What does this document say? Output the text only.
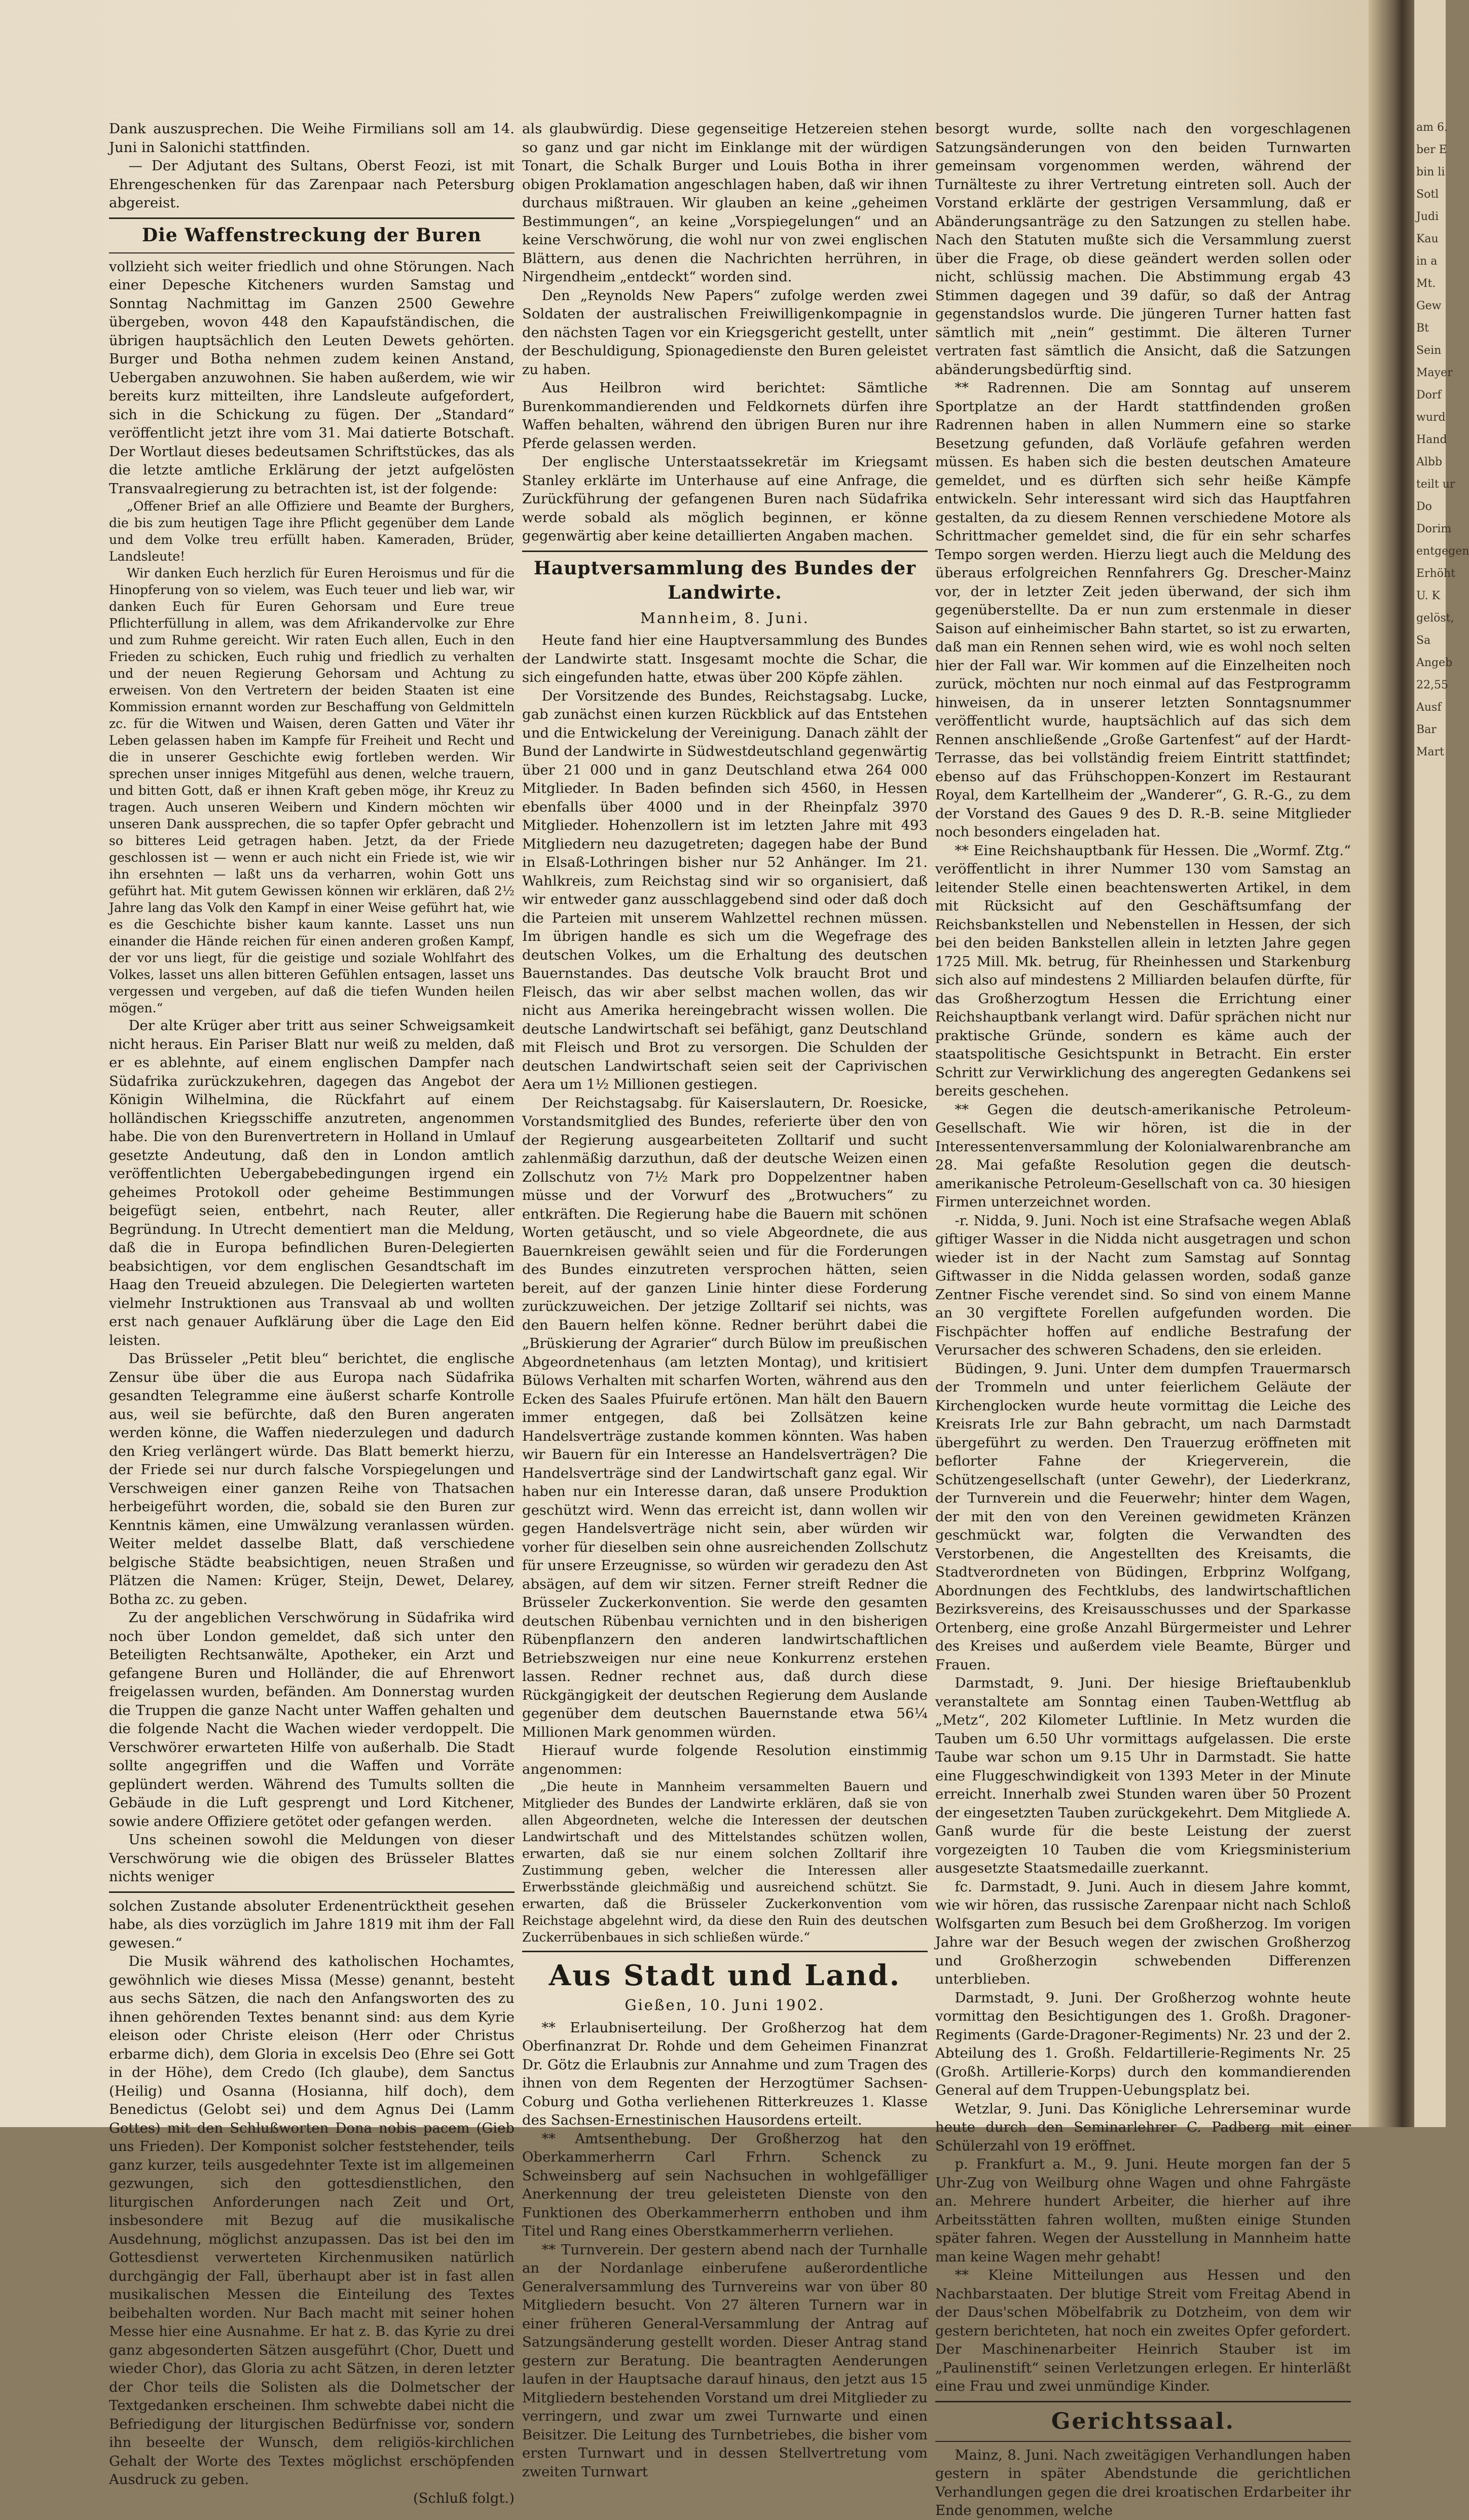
Dank auszusprechen. Die Weihe Firmilians soll am 14. Juni in Salonichi stattfinden.

— Der Adjutant des Sultans, Oberst Feozi, ist mit Ehrengeschenken für das Zarenpaar nach Petersburg abgereist.

Die Waffenstreckung der Buren

vollzieht sich weiter friedlich und ohne Störungen. Nach einer Depesche Kitcheners wurden Samstag und Sonntag Nachmittag im Ganzen 2500 Gewehre übergeben, wovon 448 den Kapaufständischen, die übrigen hauptsächlich den Leuten Dewets gehörten. Burger und Botha nehmen zudem keinen Anstand, Uebergaben anzuwohnen. Sie haben außerdem, wie wir bereits kurz mitteilten, ihre Landsleute aufgefordert, sich in die Schickung zu fügen. Der „Standard“ veröffentlicht jetzt ihre vom 31. Mai datierte Botschaft. Der Wortlaut dieses bedeutsamen Schriftstückes, das als die letzte amtliche Erklärung der jetzt aufgelösten Transvaalregierung zu betrachten ist, ist der folgende:

„Offener Brief an alle Offiziere und Beamte der Burghers, die bis zum heutigen Tage ihre Pflicht gegenüber dem Lande und dem Volke treu erfüllt haben. Kameraden, Brüder, Landsleute!

Wir danken Euch herzlich für Euren Heroismus und für die Hinopferung von so vielem, was Euch teuer und lieb war, wir danken Euch für Euren Gehorsam und Eure treue Pflichterfüllung in allem, was dem Afrikandervolke zur Ehre und zum Ruhme gereicht. Wir raten Euch allen, Euch in den Frieden zu schicken, Euch ruhig und friedlich zu verhalten und der neuen Regierung Gehorsam und Achtung zu erweisen. Von den Vertretern der beiden Staaten ist eine Kommission ernannt worden zur Beschaffung von Geldmitteln zc. für die Witwen und Waisen, deren Gatten und Väter ihr Leben gelassen haben im Kampfe für Freiheit und Recht und die in unserer Geschichte ewig fortleben werden. Wir sprechen unser inniges Mitgefühl aus denen, welche trauern, und bitten Gott, daß er ihnen Kraft geben möge, ihr Kreuz zu tragen. Auch unseren Weibern und Kindern möchten wir unseren Dank aussprechen, die so tapfer Opfer gebracht und so bitteres Leid getragen haben. Jetzt, da der Friede geschlossen ist — wenn er auch nicht ein Friede ist, wie wir ihn ersehnten — laßt uns da verharren, wohin Gott uns geführt hat. Mit gutem Gewissen können wir erklären, daß 2½ Jahre lang das Volk den Kampf in einer Weise geführt hat, wie es die Geschichte bisher kaum kannte. Lasset uns nun einander die Hände reichen für einen anderen großen Kampf, der vor uns liegt, für die geistige und soziale Wohlfahrt des Volkes, lasset uns allen bitteren Gefühlen entsagen, lasset uns vergessen und vergeben, auf daß die tiefen Wunden heilen mögen.“

Der alte Krüger aber tritt aus seiner Schweigsamkeit nicht heraus. Ein Pariser Blatt nur weiß zu melden, daß er es ablehnte, auf einem englischen Dampfer nach Südafrika zurückzukehren, dagegen das Angebot der Königin Wilhelmina, die Rückfahrt auf einem holländischen Kriegsschiffe anzutreten, angenommen habe. Die von den Burenvertretern in Holland in Umlauf gesetzte Andeutung, daß den in London amtlich veröffentlichten Uebergabebedingungen irgend ein geheimes Protokoll oder geheime Bestimmungen beigefügt seien, entbehrt, nach Reuter, aller Begründung. In Utrecht dementiert man die Meldung, daß die in Europa befindlichen Buren-Delegierten beabsichtigen, vor dem englischen Gesandtschaft im Haag den Treueid abzulegen. Die Delegierten warteten vielmehr Instruktionen aus Transvaal ab und wollten erst nach genauer Aufklärung über die Lage den Eid leisten.

Das Brüsseler „Petit bleu“ berichtet, die englische Zensur übe über die aus Europa nach Südafrika gesandten Telegramme eine äußerst scharfe Kontrolle aus, weil sie befürchte, daß den Buren angeraten werden könne, die Waffen niederzulegen und dadurch den Krieg verlängert würde. Das Blatt bemerkt hierzu, der Friede sei nur durch falsche Vorspiegelungen und Verschweigen einer ganzen Reihe von Thatsachen herbeigeführt worden, die, sobald sie den Buren zur Kenntnis kämen, eine Umwälzung veranlassen würden. Weiter meldet dasselbe Blatt, daß verschiedene belgische Städte beabsichtigen, neuen Straßen und Plätzen die Namen: Krüger, Steijn, Dewet, Delarey, Botha zc. zu geben.

Zu der angeblichen Verschwörung in Südafrika wird noch über London gemeldet, daß sich unter den Beteiligten Rechtsanwälte, Apotheker, ein Arzt und gefangene Buren und Holländer, die auf Ehrenwort freigelassen wurden, befänden. Am Donnerstag wurden die Truppen die ganze Nacht unter Waffen gehalten und die folgende Nacht die Wachen wieder verdoppelt. Die Verschwörer erwarteten Hilfe von außerhalb. Die Stadt sollte angegriffen und die Waffen und Vorräte geplündert werden. Während des Tumults sollten die Gebäude in die Luft gesprengt und Lord Kitchener, sowie andere Offiziere getötet oder gefangen werden.

Uns scheinen sowohl die Meldungen von dieser Verschwörung wie die obigen des Brüsseler Blattes nichts weniger

solchen Zustande absoluter Erdenentrücktheit gesehen habe, als dies vorzüglich im Jahre 1819 mit ihm der Fall gewesen.“

Die Musik während des katholischen Hochamtes, gewöhnlich wie dieses Missa (Messe) genannt, besteht aus sechs Sätzen, die nach den Anfangsworten des zu ihnen gehörenden Textes benannt sind: aus dem Kyrie eleison oder Christe eleison (Herr oder Christus erbarme dich), dem Gloria in excelsis Deo (Ehre sei Gott in der Höhe), dem Credo (Ich glaube), dem Sanctus (Heilig) und Osanna (Hosianna, hilf doch), dem Benedictus (Gelobt sei) und dem Agnus Dei (Lamm Gottes) mit den Schlußworten Dona nobis pacem (Gieb uns Frieden). Der Komponist solcher feststehender, teils ganz kurzer, teils ausgedehnter Texte ist im allgemeinen gezwungen, sich den gottesdienstlichen, den liturgischen Anforderungen nach Zeit und Ort, insbesondere mit Bezug auf die musikalische Ausdehnung, möglichst anzupassen. Das ist bei den im Gottesdienst verwerteten Kirchenmusiken natürlich durchgängig der Fall, überhaupt aber ist in fast allen musikalischen Messen die Einteilung des Textes beibehalten worden. Nur Bach macht mit seiner hohen Messe hier eine Ausnahme. Er hat z. B. das Kyrie zu drei ganz abgesonderten Sätzen ausgeführt (Chor, Duett und wieder Chor), das Gloria zu acht Sätzen, in deren letzter der Chor teils die Solisten als die Dolmetscher der Textgedanken erscheinen. Ihm schwebte dabei nicht die Befriedigung der liturgischen Bedürfnisse vor, sondern ihn beseelte der Wunsch, dem religiös-kirchlichen Gehalt der Worte des Textes möglichst erschöpfenden Ausdruck zu geben.

(Schluß folgt.)

als glaubwürdig. Diese gegenseitige Hetzereien stehen so ganz und gar nicht im Einklange mit der würdigen Tonart, die Schalk Burger und Louis Botha in ihrer obigen Proklamation angeschlagen haben, daß wir ihnen durchaus mißtrauen. Wir glauben an keine „geheimen Bestimmungen“, an keine „Vorspiegelungen“ und an keine Verschwörung, die wohl nur von zwei englischen Blättern, aus denen die Nachrichten herrühren, in Nirgendheim „entdeckt“ worden sind.

Den „Reynolds New Papers“ zufolge werden zwei Soldaten der australischen Freiwilligenkompagnie in den nächsten Tagen vor ein Kriegsgericht gestellt, unter der Beschuldigung, Spionagedienste den Buren geleistet zu haben.

Aus Heilbron wird berichtet: Sämtliche Burenkommandierenden und Feldkornets dürfen ihre Waffen behalten, während den übrigen Buren nur ihre Pferde gelassen werden.

Der englische Unterstaatssekretär im Kriegsamt Stanley erklärte im Unterhause auf eine Anfrage, die Zurückführung der gefangenen Buren nach Südafrika werde sobald als möglich beginnen, er könne gegenwärtig aber keine detaillierten Angaben machen.

Hauptversammlung des Bundes der Landwirte.
Mannheim, 8. Juni.

Heute fand hier eine Hauptversammlung des Bundes der Landwirte statt. Insgesamt mochte die Schar, die sich eingefunden hatte, etwas über 200 Köpfe zählen.

Der Vorsitzende des Bundes, Reichstagsabg. Lucke, gab zunächst einen kurzen Rückblick auf das Entstehen und die Entwickelung der Vereinigung. Danach zählt der Bund der Landwirte in Südwestdeutschland gegenwärtig über 21 000 und in ganz Deutschland etwa 264 000 Mitglieder. In Baden befinden sich 4560, in Hessen ebenfalls über 4000 und in der Rheinpfalz 3970 Mitglieder. Hohenzollern ist im letzten Jahre mit 493 Mitgliedern neu dazugetreten; dagegen habe der Bund in Elsaß-Lothringen bisher nur 52 Anhänger. Im 21. Wahlkreis, zum Reichstag sind wir so organisiert, daß wir entweder ganz ausschlaggebend sind oder daß doch die Parteien mit unserem Wahlzettel rechnen müssen. Im übrigen handle es sich um die Wegefrage des deutschen Volkes, um die Erhaltung des deutschen Bauernstandes. Das deutsche Volk braucht Brot und Fleisch, das wir aber selbst machen wollen, das wir nicht aus Amerika hereingebracht wissen wollen. Die deutsche Landwirtschaft sei befähigt, ganz Deutschland mit Fleisch und Brot zu versorgen. Die Schulden der deutschen Landwirtschaft seien seit der Caprivischen Aera um 1½ Millionen gestiegen.

Der Reichstagsabg. für Kaiserslautern, Dr. Roesicke, Vorstandsmitglied des Bundes, referierte über den von der Regierung ausgearbeiteten Zolltarif und sucht zahlenmäßig darzuthun, daß der deutsche Weizen einen Zollschutz von 7½ Mark pro Doppelzentner haben müsse und der Vorwurf des „Brotwuchers“ zu entkräften. Die Regierung habe die Bauern mit schönen Worten getäuscht, und so viele Abgeordnete, die aus Bauernkreisen gewählt seien und für die Forderungen des Bundes einzutreten versprochen hätten, seien bereit, auf der ganzen Linie hinter diese Forderung zurückzuweichen. Der jetzige Zolltarif sei nichts, was den Bauern helfen könne. Redner berührt dabei die „Brüskierung der Agrarier“ durch Bülow im preußischen Abgeordnetenhaus (am letzten Montag), und kritisiert Bülows Verhalten mit scharfen Worten, während aus den Ecken des Saales Pfuirufe ertönen. Man hält den Bauern immer entgegen, daß bei Zollsätzen keine Handelsverträge zustande kommen könnten. Was haben wir Bauern für ein Interesse an Handelsverträgen? Die Handelsverträge sind der Landwirtschaft ganz egal. Wir haben nur ein Interesse daran, daß unsere Produktion geschützt wird. Wenn das erreicht ist, dann wollen wir gegen Handelsverträge nicht sein, aber würden wir vorher für dieselben sein ohne ausreichenden Zollschutz für unsere Erzeugnisse, so würden wir geradezu den Ast absägen, auf dem wir sitzen. Ferner streift Redner die Brüsseler Zuckerkonvention. Sie werde den gesamten deutschen Rübenbau vernichten und in den bisherigen Rübenpflanzern den anderen landwirtschaftlichen Betriebszweigen nur eine neue Konkurrenz erstehen lassen. Redner rechnet aus, daß durch diese Rückgängigkeit der deutschen Regierung dem Auslande gegenüber dem deutschen Bauernstande etwa 56¼ Millionen Mark genommen würden.

Hierauf wurde folgende Resolution einstimmig angenommen:

„Die heute in Mannheim versammelten Bauern und Mitglieder des Bundes der Landwirte erklären, daß sie von allen Abgeordneten, welche die Interessen der deutschen Landwirtschaft und des Mittelstandes schützen wollen, erwarten, daß sie nur einem solchen Zolltarif ihre Zustimmung geben, welcher die Interessen aller Erwerbsstände gleichmäßig und ausreichend schützt. Sie erwarten, daß die Brüsseler Zuckerkonvention vom Reichstage abgelehnt wird, da diese den Ruin des deutschen Zuckerrübenbaues in sich schließen würde.“

Aus Stadt und Land.
Gießen, 10. Juni 1902.

** Erlaubniserteilung. Der Großherzog hat dem Oberfinanzrat Dr. Rohde und dem Geheimen Finanzrat Dr. Götz die Erlaubnis zur Annahme und zum Tragen des ihnen von dem Regenten der Herzogtümer Sachsen-Coburg und Gotha verliehenen Ritterkreuzes 1. Klasse des Sachsen-Ernestinischen Hausordens erteilt.

** Amtsenthebung. Der Großherzog hat den Oberkammerherrn Carl Frhrn. Schenck zu Schweinsberg auf sein Nachsuchen in wohlgefälliger Anerkennung der treu geleisteten Dienste von den Funktionen des Oberkammerherrn enthoben und ihm Titel und Rang eines Oberstkammerherrn verliehen.

** Turnverein. Der gestern abend nach der Turnhalle an der Nordanlage einberufene außerordentliche Generalversammlung des Turnvereins war von über 80 Mitgliedern besucht. Von 27 älteren Turnern war in einer früheren General-Versammlung der Antrag auf Satzungsänderung gestellt worden. Dieser Antrag stand gestern zur Beratung. Die beantragten Aenderungen laufen in der Hauptsache darauf hinaus, den jetzt aus 15 Mitgliedern bestehenden Vorstand um drei Mitglieder zu verringern, und zwar um zwei Turnwarte und einen Beisitzer. Die Leitung des Turnbetriebes, die bisher vom ersten Turnwart und in dessen Stellvertretung vom zweiten Turnwart

besorgt wurde, sollte nach den vorgeschlagenen Satzungsänderungen von den beiden Turnwarten gemeinsam vorgenommen werden, während der Turnälteste zu ihrer Vertretung eintreten soll. Auch der Vorstand erklärte der gestrigen Versammlung, daß er Abänderungsanträge zu den Satzungen zu stellen habe. Nach den Statuten mußte sich die Versammlung zuerst über die Frage, ob diese geändert werden sollen oder nicht, schlüssig machen. Die Abstimmung ergab 43 Stimmen dagegen und 39 dafür, so daß der Antrag gegenstandslos wurde. Die jüngeren Turner hatten fast sämtlich mit „nein“ gestimmt. Die älteren Turner vertraten fast sämtlich die Ansicht, daß die Satzungen abänderungsbedürftig sind.

** Radrennen. Die am Sonntag auf unserem Sportplatze an der Hardt stattfindenden großen Radrennen haben in allen Nummern eine so starke Besetzung gefunden, daß Vorläufe gefahren werden müssen. Es haben sich die besten deutschen Amateure gemeldet, und es dürften sich sehr heiße Kämpfe entwickeln. Sehr interessant wird sich das Hauptfahren gestalten, da zu diesem Rennen verschiedene Motore als Schrittmacher gemeldet sind, die für ein sehr scharfes Tempo sorgen werden. Hierzu liegt auch die Meldung des überaus erfolgreichen Rennfahrers Gg. Drescher-Mainz vor, der in letzter Zeit jeden überwand, der sich ihm gegenüberstellte. Da er nun zum erstenmale in dieser Saison auf einheimischer Bahn startet, so ist zu erwarten, daß man ein Rennen sehen wird, wie es wohl noch selten hier der Fall war. Wir kommen auf die Einzelheiten noch zurück, möchten nur noch einmal auf das Festprogramm hinweisen, da in unserer letzten Sonntagsnummer veröffentlicht wurde, hauptsächlich auf das sich dem Rennen anschließende „Große Gartenfest“ auf der Hardt-Terrasse, das bei vollständig freiem Eintritt stattfindet; ebenso auf das Frühschoppen-Konzert im Restaurant Royal, dem Kartellheim der „Wanderer“, G. R.-G., zu dem der Vorstand des Gaues 9 des D. R.-B. seine Mitglieder noch besonders eingeladen hat.

** Eine Reichshauptbank für Hessen. Die „Wormf. Ztg.“ veröffentlicht in ihrer Nummer 130 vom Samstag an leitender Stelle einen beachtenswerten Artikel, in dem mit Rücksicht auf den Geschäftsumfang der Reichsbankstellen und Nebenstellen in Hessen, der sich bei den beiden Bankstellen allein in letzten Jahre gegen 1725 Mill. Mk. betrug, für Rheinhessen und Starkenburg sich also auf mindestens 2 Milliarden belaufen dürfte, für das Großherzogtum Hessen die Errichtung einer Reichshauptbank verlangt wird. Dafür sprächen nicht nur praktische Gründe, sondern es käme auch der staatspolitische Gesichtspunkt in Betracht. Ein erster Schritt zur Verwirklichung des angeregten Gedankens sei bereits geschehen.

** Gegen die deutsch-amerikanische Petroleum-Gesellschaft. Wie wir hören, ist die in der Interessentenversammlung der Kolonialwarenbranche am 28. Mai gefaßte Resolution gegen die deutsch-amerikanische Petroleum-Gesellschaft von ca. 30 hiesigen Firmen unterzeichnet worden.

-r. Nidda, 9. Juni. Noch ist eine Strafsache wegen Ablaß giftiger Wasser in die Nidda nicht ausgetragen und schon wieder ist in der Nacht zum Samstag auf Sonntag Giftwasser in die Nidda gelassen worden, sodaß ganze Zentner Fische verendet sind. So sind von einem Manne an 30 vergiftete Forellen aufgefunden worden. Die Fischpächter hoffen auf endliche Bestrafung der Verursacher des schweren Schadens, den sie erleiden.

Büdingen, 9. Juni. Unter dem dumpfen Trauermarsch der Trommeln und unter feierlichem Geläute der Kirchenglocken wurde heute vormittag die Leiche des Kreisrats Irle zur Bahn gebracht, um nach Darmstadt übergeführt zu werden. Den Trauerzug eröffneten mit beflorter Fahne der Kriegerverein, die Schützengesellschaft (unter Gewehr), der Liederkranz, der Turnverein und die Feuerwehr; hinter dem Wagen, der mit den von den Vereinen gewidmeten Kränzen geschmückt war, folgten die Verwandten des Verstorbenen, die Angestellten des Kreisamts, die Stadtverordneten von Büdingen, Erbprinz Wolfgang, Abordnungen des Fechtklubs, des landwirtschaftlichen Bezirksvereins, des Kreisausschusses und der Sparkasse Ortenberg, eine große Anzahl Bürgermeister und Lehrer des Kreises und außerdem viele Beamte, Bürger und Frauen.

Darmstadt, 9. Juni. Der hiesige Brieftaubenklub veranstaltete am Sonntag einen Tauben-Wettflug ab „Metz“, 202 Kilometer Luftlinie. In Metz wurden die Tauben um 6.50 Uhr vormittags aufgelassen. Die erste Taube war schon um 9.15 Uhr in Darmstadt. Sie hatte eine Fluggeschwindigkeit von 1393 Meter in der Minute erreicht. Innerhalb zwei Stunden waren über 50 Prozent der eingesetzten Tauben zurückgekehrt. Dem Mitgliede A. Ganß wurde für die beste Leistung der zuerst vorgezeigten 10 Tauben die vom Kriegsministerium ausgesetzte Staatsmedaille zuerkannt.

fc. Darmstadt, 9. Juni. Auch in diesem Jahre kommt, wie wir hören, das russische Zarenpaar nicht nach Schloß Wolfsgarten zum Besuch bei dem Großherzog. Im vorigen Jahre war der Besuch wegen der zwischen Großherzog und Großherzogin schwebenden Differenzen unterblieben.

Darmstadt, 9. Juni. Der Großherzog wohnte heute vormittag den Besichtigungen des 1. Großh. Dragoner-Regiments (Garde-Dragoner-Regiments) Nr. 23 und der 2. Abteilung des 1. Großh. Feldartillerie-Regiments Nr. 25 (Großh. Artillerie-Korps) durch den kommandierenden General auf dem Truppen-Uebungsplatz bei.

Wetzlar, 9. Juni. Das Königliche Lehrerseminar wurde heute durch den Seminarlehrer C. Padberg mit einer Schülerzahl von 19 eröffnet.

p. Frankfurt a. M., 9. Juni. Heute morgen fan der 5 Uhr-Zug von Weilburg ohne Wagen und ohne Fahrgäste an. Mehrere hundert Arbeiter, die hierher auf ihre Arbeitsstätten fahren wollten, mußten einige Stunden später fahren. Wegen der Ausstellung in Mannheim hatte man keine Wagen mehr gehabt!

** Kleine Mitteilungen aus Hessen und den Nachbarstaaten. Der blutige Streit vom Freitag Abend in der Daus'schen Möbelfabrik zu Dotzheim, von dem wir gestern berichteten, hat noch ein zweites Opfer gefordert. Der Maschinenarbeiter Heinrich Stauber ist im „Paulinenstift“ seinen Verletzungen erlegen. Er hinterläßt eine Frau und zwei unmündige Kinder.

Gerichtssaal.

Mainz, 8. Juni. Nach zweitägigen Verhandlungen haben gestern in später Abendstunde die gerichtlichen Verhandlungen gegen die drei kroatischen Erdarbeiter ihr Ende genommen, welche

am 6.
ber E
bin li
Sotl
Judi
Kau
in a
Mt.
Gew
Bt
Sein
Mayer
Dorf
wurd
Hand
Albb
teilt ur
Do
Dorim
entgegen
Erhöht
U. K
gelöst,
Sa
Angeb
22,55
Ausf
Bar
Mart
